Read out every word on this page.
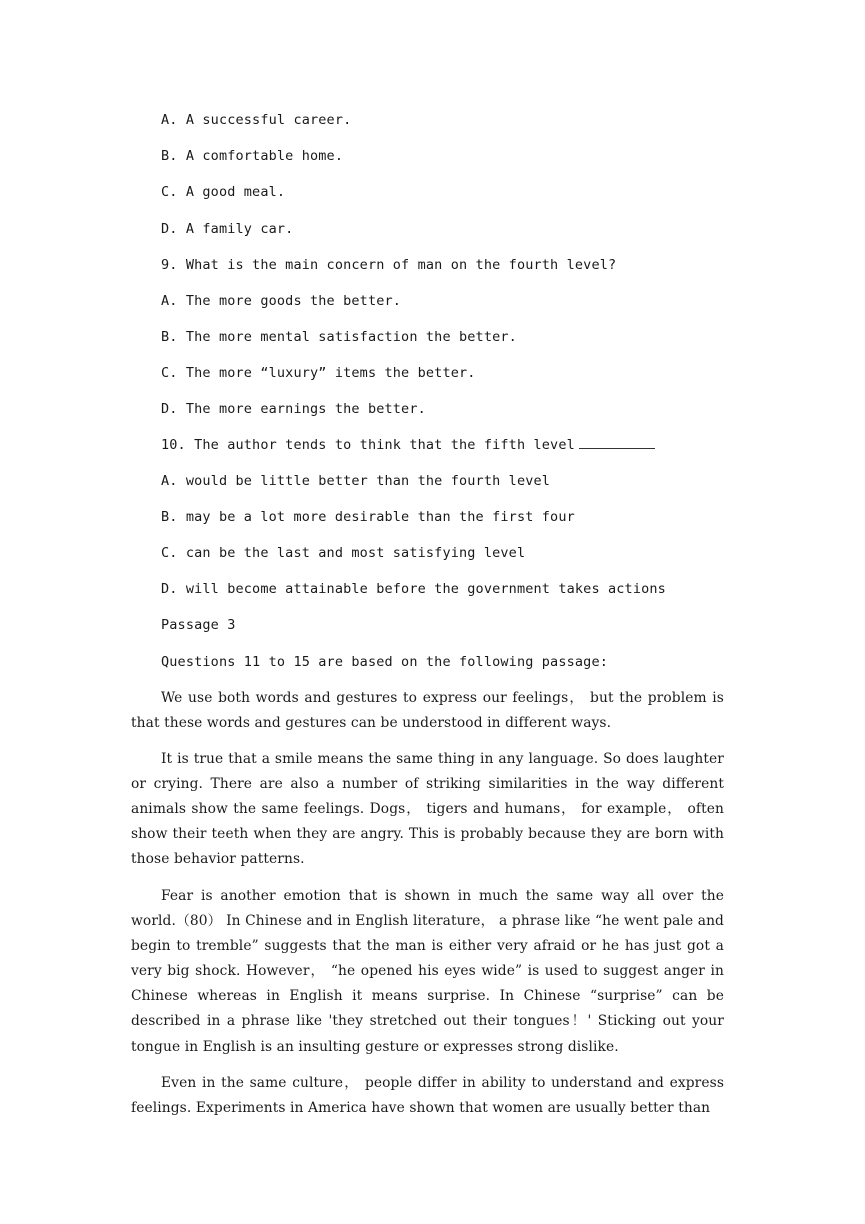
A. A successful career.
B. A comfortable home.
C. A good meal.
D. A family car.
9. What is the main concern of man on the fourth level?
A. The more goods the better.
B. The more mental satisfaction the better.
C. The more “luxury” items the better.
D. The more earnings the better.
10. The author tends to think that the fifth level
A. would be little better than the fourth level
B. may be a lot more desirable than the first four
C. can be the last and most satisfying level
D. will become attainable before the government takes actions
Passage 3
Questions 11 to 15 are based on the following passage:
We use both words and gestures to express our feelings， but the problem is that these words and gestures can be understood in different ways.
It is true that a smile means the same thing in any language. So does laughter or crying. There are also a number of striking similarities in the way different animals show the same feelings. Dogs， tigers and humans， for example， often show their teeth when they are angry. This is probably because they are born with those behavior patterns.
Fear is another emotion that is shown in much the same way all over the world.（80） In Chinese and in English literature， a phrase like “he went pale and begin to tremble” suggests that the man is either very afraid or he has just got a very big shock. However， “he opened his eyes wide” is used to suggest anger in Chinese whereas in English it means surprise. In Chinese “surprise” can be described in a phrase like 'they stretched out their tongues！' Sticking out your tongue in English is an insulting gesture or expresses strong dislike.
Even in the same culture， people differ in ability to understand and express feelings. Experiments in America have shown that women are usually better than
